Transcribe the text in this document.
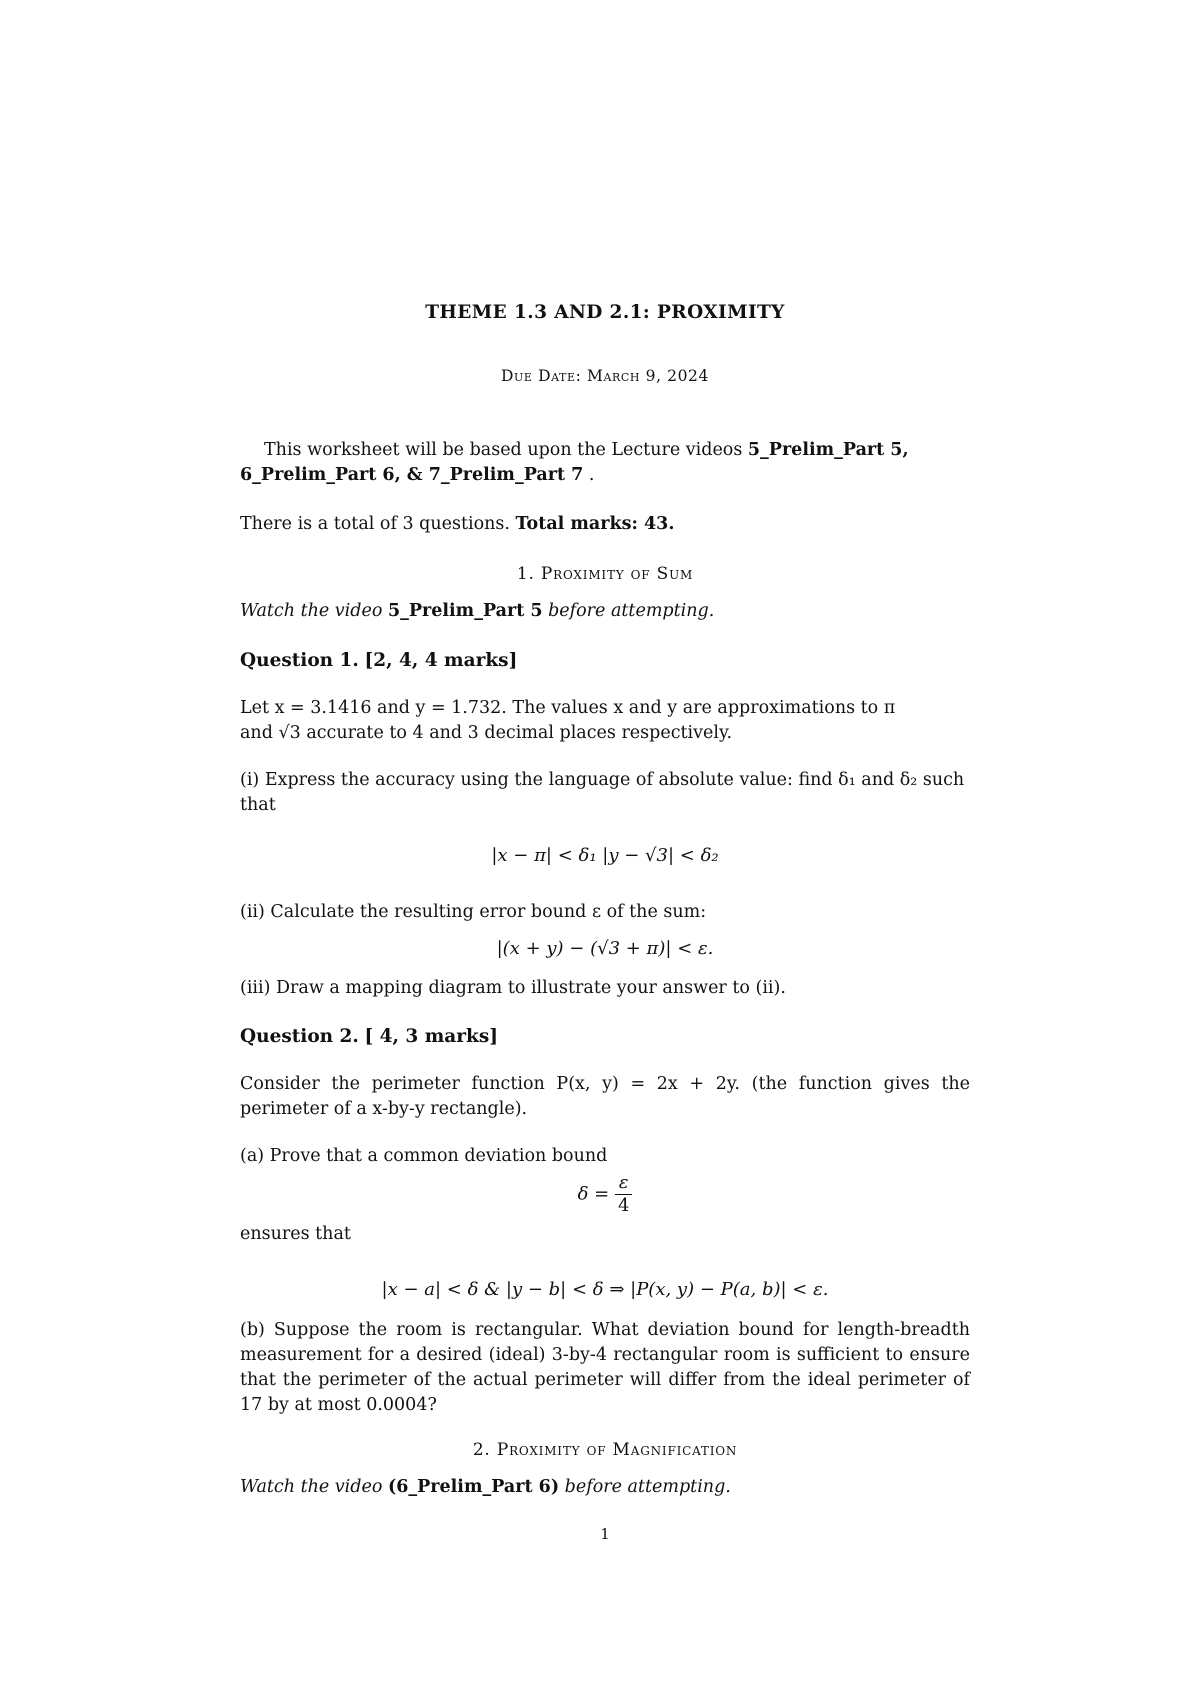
THEME 1.3 AND 2.1: PROXIMITY
Due Date: March 9, 2024
This worksheet will be based upon the Lecture videos 5_Prelim_Part 5, 6_Prelim_Part 6, & 7_Prelim_Part 7 .
There is a total of 3 questions. Total marks: 43.
1. Proximity of Sum
Watch the video 5_Prelim_Part 5 before attempting.
Question 1. [2, 4, 4 marks]
Let x = 3.1416 and y = 1.732. The values x and y are approximations to π
and √3 accurate to 4 and 3 decimal places respectively.
(i) Express the accuracy using the language of absolute value: find δ₁ and δ₂ such that
|x − π| < δ₁ |y − √3| < δ₂
(ii) Calculate the resulting error bound ε of the sum:
|(x + y) − (√3 + π)| < ε.
(iii) Draw a mapping diagram to illustrate your answer to (ii).
Question 2. [ 4, 3 marks]
Consider the perimeter function P(x, y) = 2x + 2y. (the function gives the perimeter of a x-by-y rectangle).
(a) Prove that a common deviation bound
$\delta = \frac{\varepsilon}{4}$
ensures that
|x − a| < δ & |y − b| < δ ⇒ |P(x, y) − P(a, b)| < ε.
(b) Suppose the room is rectangular. What deviation bound for length-breadth measurement for a desired (ideal) 3-by-4 rectangular room is sufficient to ensure that the perimeter of the actual perimeter will differ from the ideal perimeter of 17 by at most 0.0004?
2. Proximity of Magnification
Watch the video (6_Prelim_Part 6) before attempting.
1
